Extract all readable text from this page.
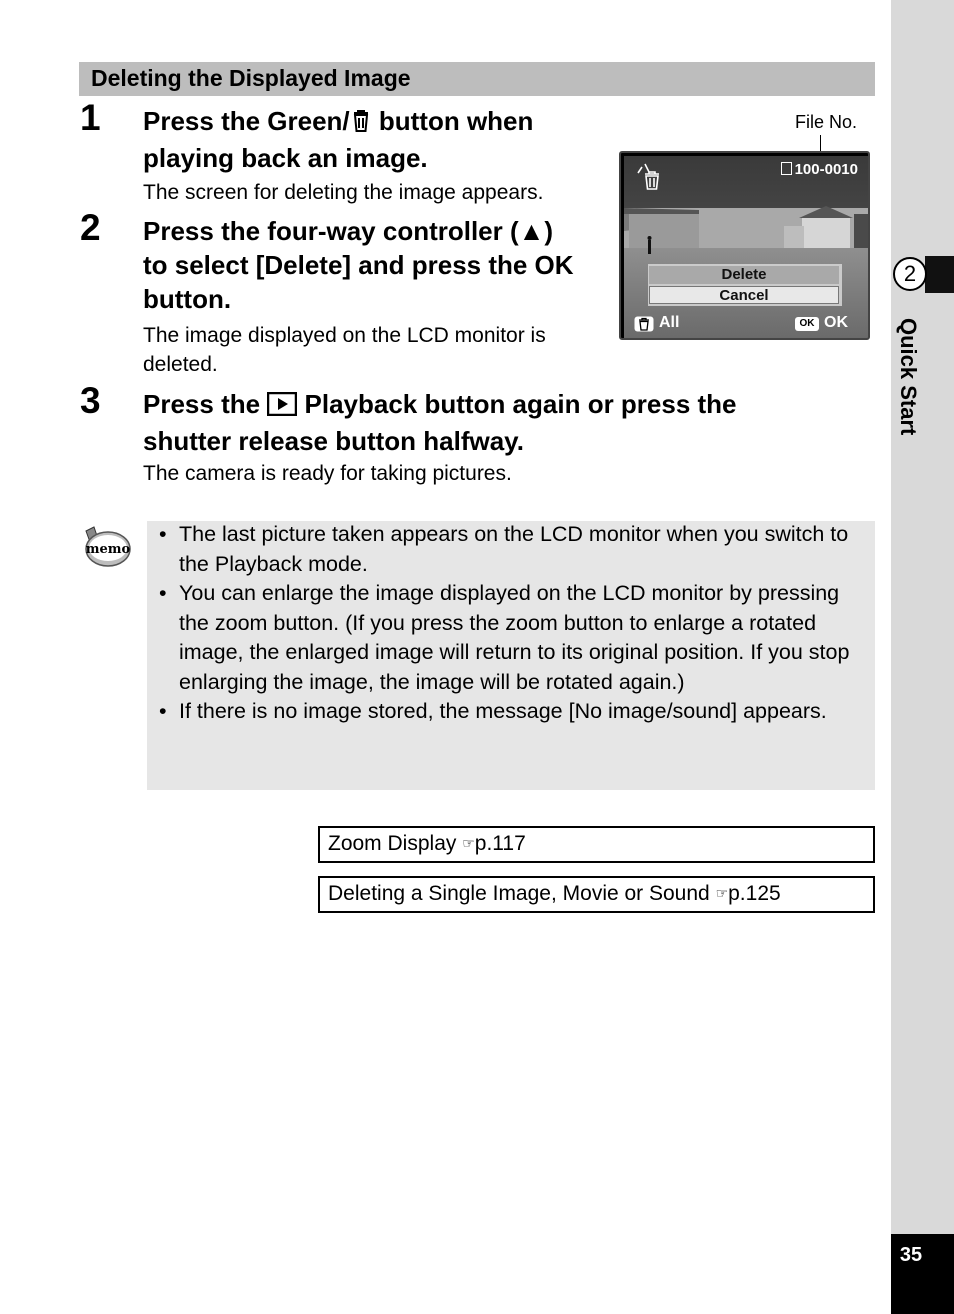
2
Quick Start
35
Deleting the Displayed Image
1 Press the Green/ button when
playing back an image.
The screen for deleting the image appears.
2 Press the four-way controller (▲)
to select [Delete] and press the OK
button.
The image displayed on the LCD monitor is
deleted.
3 Press the  Playback button again or press the
shutter release button halfway.
The camera is ready for taking pictures.
File No.
100-0010
Delete
Cancel
All	OK OK
memo
• The last picture taken appears on the LCD monitor when you switch to the Playback mode.
• You can enlarge the image displayed on the LCD monitor by pressing the zoom button. (If you press the zoom button to enlarge a rotated image, the enlarged image will return to its original position. If you stop enlarging the image, the image will be rotated again.)
• If there is no image stored, the message [No image/sound] appears.
Zoom Display ☞p.117
Deleting a Single Image, Movie or Sound ☞p.125
